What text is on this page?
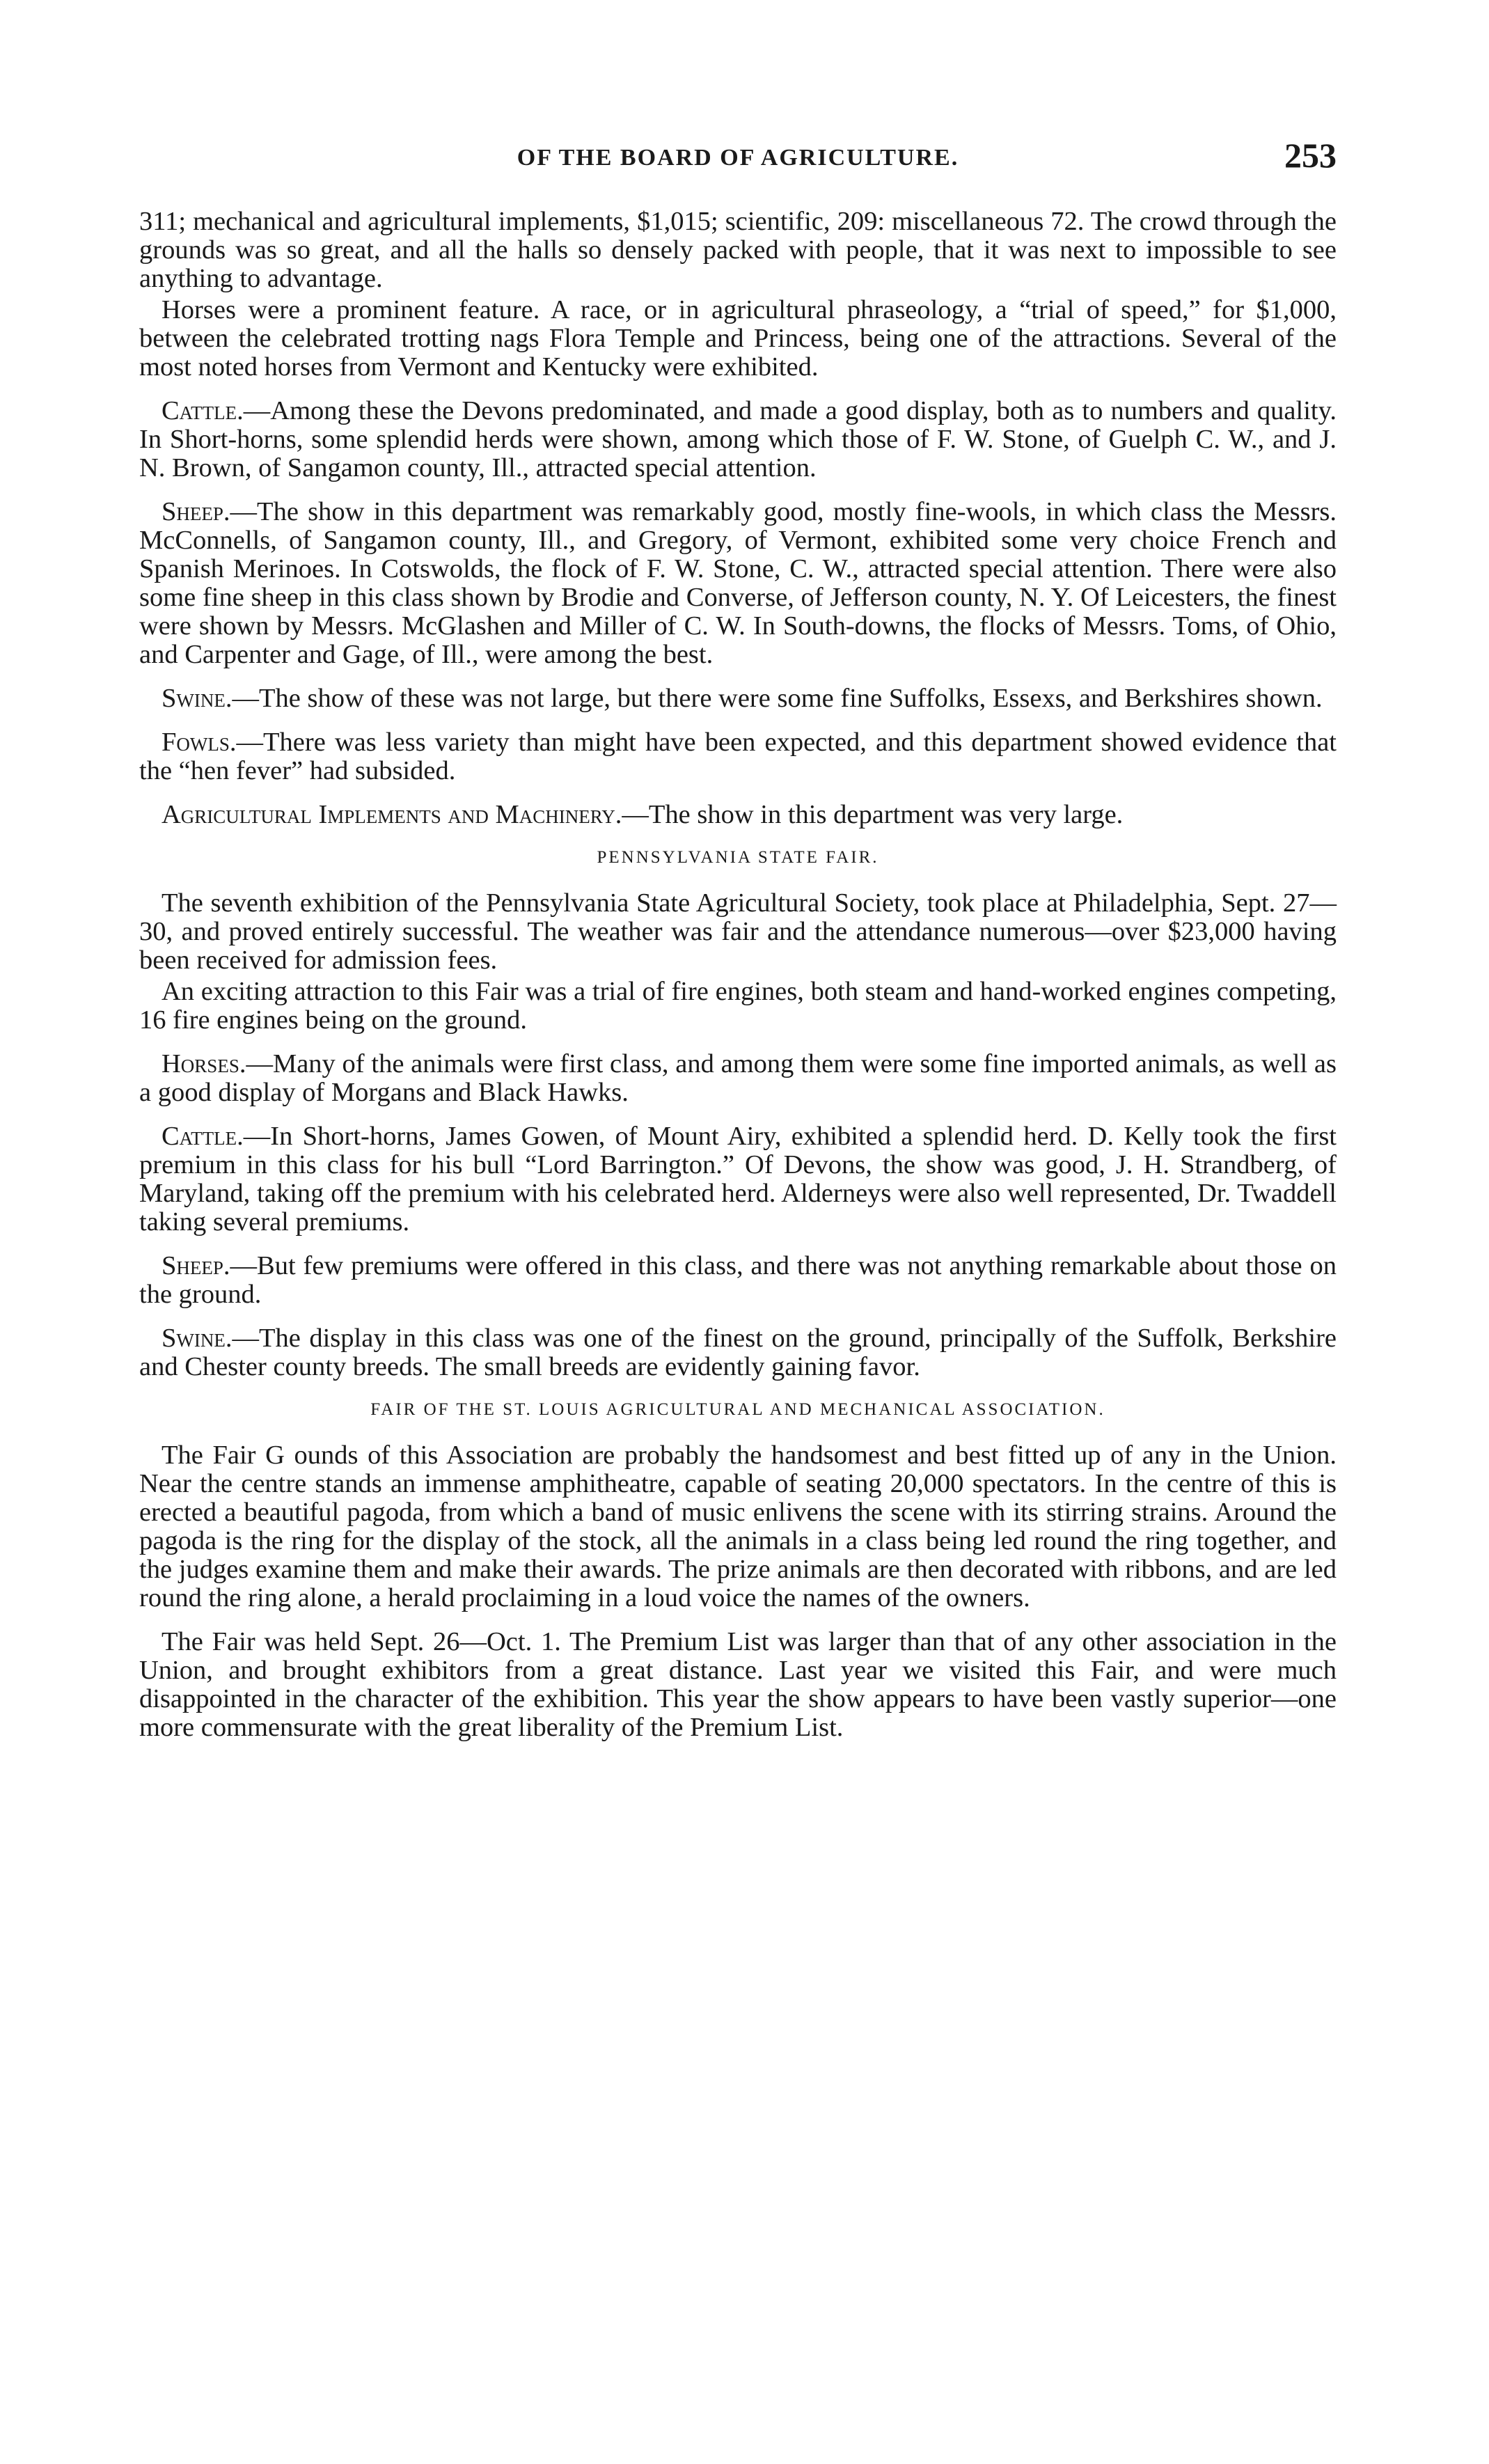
OF THE BOARD OF AGRICULTURE.	253

311; mechanical and agricultural implements, $1,015; scientific, 209: miscellaneous 72. The crowd through the grounds was so great, and all the halls so densely packed with people, that it was next to impossible to see anything to advantage.

Horses were a prominent feature. A race, or in agricultural phraseology, a “trial of speed,” for $1,000, between the celebrated trotting nags Flora Temple and Princess, being one of the attractions. Several of the most noted horses from Vermont and Kentucky were exhibited.

Cattle.—Among these the Devons predominated, and made a good display, both as to numbers and quality. In Short-horns, some splendid herds were shown, among which those of F. W. Stone, of Guelph C. W., and J. N. Brown, of Sangamon county, Ill., attracted special attention.

Sheep.—The show in this department was remarkably good, mostly fine-wools, in which class the Messrs. McConnells, of Sangamon county, Ill., and Gregory, of Vermont, exhibited some very choice French and Spanish Merinoes. In Cotswolds, the flock of F. W. Stone, C. W., attracted special attention. There were also some fine sheep in this class shown by Brodie and Converse, of Jefferson county, N. Y. Of Leicesters, the finest were shown by Messrs. McGlashen and Miller of C. W. In South-downs, the flocks of Messrs. Toms, of Ohio, and Carpenter and Gage, of Ill., were among the best.

Swine.—The show of these was not large, but there were some fine Suffolks, Essexs, and Berkshires shown.

Fowls.—There was less variety than might have been expected, and this department showed evidence that the “hen fever” had subsided.

Agricultural Implements and Machinery.—The show in this department was very large.

PENNSYLVANIA STATE FAIR.

The seventh exhibition of the Pennsylvania State Agricultural Society, took place at Philadelphia, Sept. 27—30, and proved entirely successful. The weather was fair and the attendance numerous—over $23,000 having been received for admission fees.

An exciting attraction to this Fair was a trial of fire engines, both steam and hand-worked engines competing, 16 fire engines being on the ground.

Horses.—Many of the animals were first class, and among them were some fine imported animals, as well as a good display of Morgans and Black Hawks.

Cattle.—In Short-horns, James Gowen, of Mount Airy, exhibited a splendid herd. D. Kelly took the first premium in this class for his bull “Lord Barrington.” Of Devons, the show was good, J. H. Strandberg, of Maryland, taking off the premium with his celebrated herd. Alderneys were also well represented, Dr. Twaddell taking several premiums.

Sheep.—But few premiums were offered in this class, and there was not anything remarkable about those on the ground.

Swine.—The display in this class was one of the finest on the ground, principally of the Suffolk, Berkshire and Chester county breeds. The small breeds are evidently gaining favor.

FAIR OF THE ST. LOUIS AGRICULTURAL AND MECHANICAL ASSOCIATION.

The Fair G ounds of this Association are probably the handsomest and best fitted up of any in the Union. Near the centre stands an immense amphitheatre, capable of seating 20,000 spectators. In the centre of this is erected a beautiful pagoda, from which a band of music enlivens the scene with its stirring strains. Around the pagoda is the ring for the display of the stock, all the animals in a class being led round the ring together, and the judges examine them and make their awards. The prize animals are then decorated with ribbons, and are led round the ring alone, a herald proclaiming in a loud voice the names of the owners.

The Fair was held Sept. 26—Oct. 1. The Premium List was larger than that of any other association in the Union, and brought exhibitors from a great distance. Last year we visited this Fair, and were much disappointed in the character of the exhibition. This year the show appears to have been vastly superior—one more commensurate with the great liberality of the Premium List.
